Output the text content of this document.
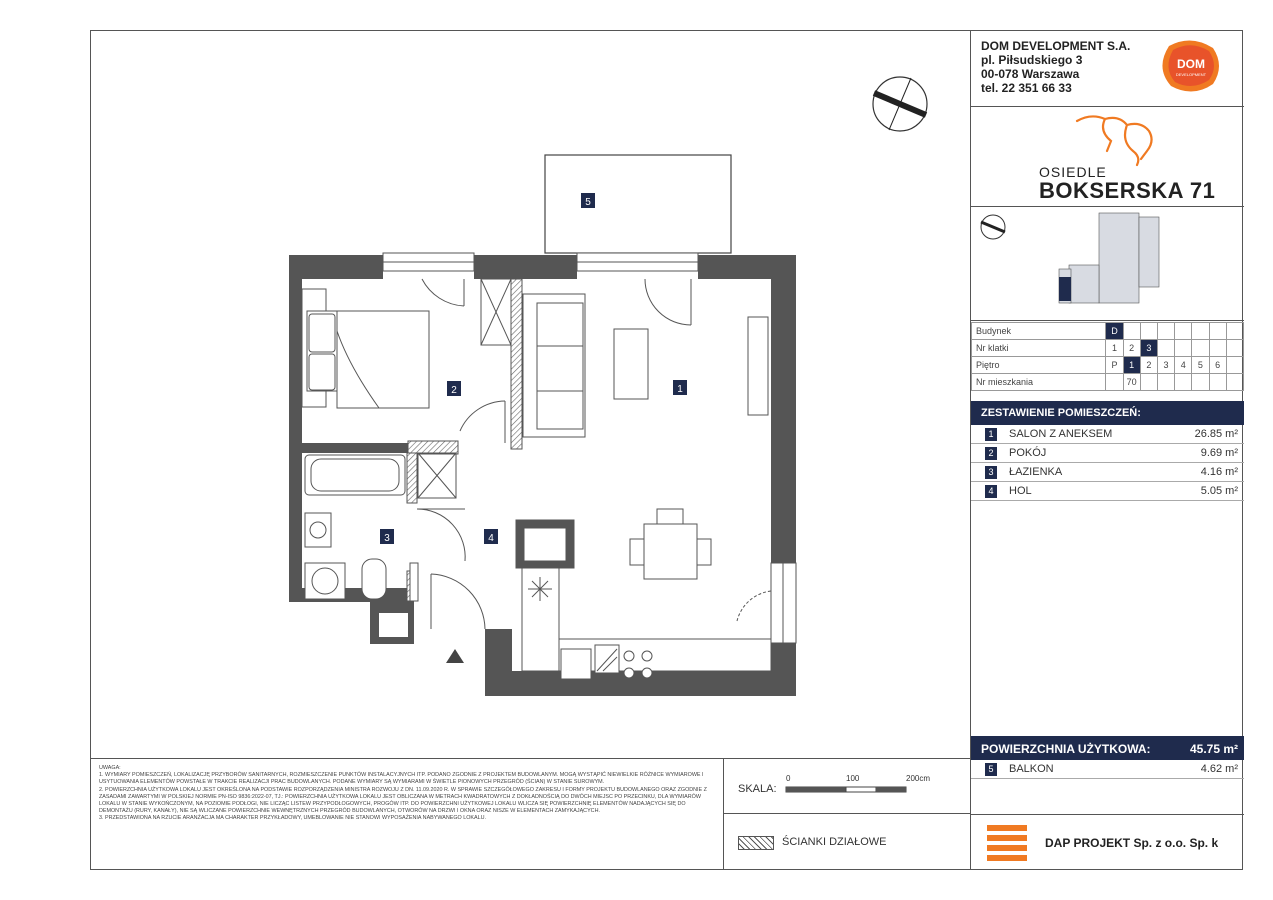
5
1
2
3	4

UWAGA:

1. WYMIARY POMIESZCZEŃ, LOKALIZACJĘ PRZYBORÓW SANITARNYCH, ROZMIESZCZENIE PUNKTÓW INSTALACYJNYCH ITP. PODANO ZGODNIE Z PROJEKTEM BUDOWLANYM. MOGĄ WYSTĄPIĆ NIEWIELKIE RÓŻNICE WYMIAROWE I USYTUOWANIA ELEMENTÓW POWSTAŁE W TRAKCIE REALIZACJI PRAC BUDOWLANYCH. PODANE WYMIARY SĄ WYMIARAMI W ŚWIETLE PIONOWYCH PRZEGRÓD (ŚCIAN) W STANIE SUROWYM.

2. POWIERZCHNIA UŻYTKOWA LOKALU JEST OKREŚLONA NA PODSTAWIE ROZPORZĄDZENIA MINISTRA ROZWOJU Z DN. 11.09.2020 R. W SPRAWIE SZCZEGÓŁOWEGO ZAKRESU I FORMY PROJEKTU BUDOWLANEGO ORAZ ZGODNIE Z ZASADAMI ZAWARTYMI W POLSKIEJ NORMIE PN-ISO 9836:2022-07, TJ.: POWIERZCHNIA UŻYTKOWA LOKALU JEST OBLICZANA W METRACH KWADRATOWYCH Z DOKŁADNOŚCIĄ DO DWÓCH MIEJSC PO PRZECINKU, DLA WYMIARÓW LOKALU W STANIE WYKOŃCZONYM, NA POZIOMIE PODŁOGI, NIE LICZĄC LISTEW PRZYPODŁOGOWYCH, PROGÓW ITP. DO POWIERZCHNI UŻYTKOWEJ LOKALU WLICZA SIĘ POWIERZCHNIĘ ELEMENTÓW NADAJĄCYCH SIĘ DO DEMONTAŻU (RURY, KANAŁY), NIE SĄ WLICZANE POWIERZCHNIE WEWNĘTRZNYCH PRZEGRÓD BUDOWLANYCH, OTWORÓW NA DRZWI I OKNA ORAZ NISZE W ELEMENTACH ZAMYKAJĄCYCH.

3. PRZEDSTAWIONA NA RZUCIE ARANŻACJA MA CHARAKTER PRZYKŁADOWY, UMEBLOWANIE NIE STANOWI WYPOSAŻENIA NABYWANEGO LOKALU.

SKALA:
0	100	200cm
ŚCIANKI DZIAŁOWE
DOM DEVELOPMENT S.A.
pl. Piłsudskiego 3
00-078 Warszawa
tel. 22 351 66 33
DOM
DEVELOPMENT
OSIEDLE
BOKSERSKA 71
Budynek	D							
Nr klatki	1	2	3					
Piętro	P	1	2	3	4	5	6	
Nr mieszkania		70						
ZESTAWIENIE POMIESZCZEŃ:
1	SALON Z ANEKSEM	26.85 m²
2	POKÓJ	9.69 m²
3	ŁAZIENKA	4.16 m²
4	HOL	5.05 m²
POWIERZCHNIA UŻYTKOWA:	45.75 m²
5	BALKON	4.62 m²
DAP PROJEKT Sp. z o.o. Sp. k
